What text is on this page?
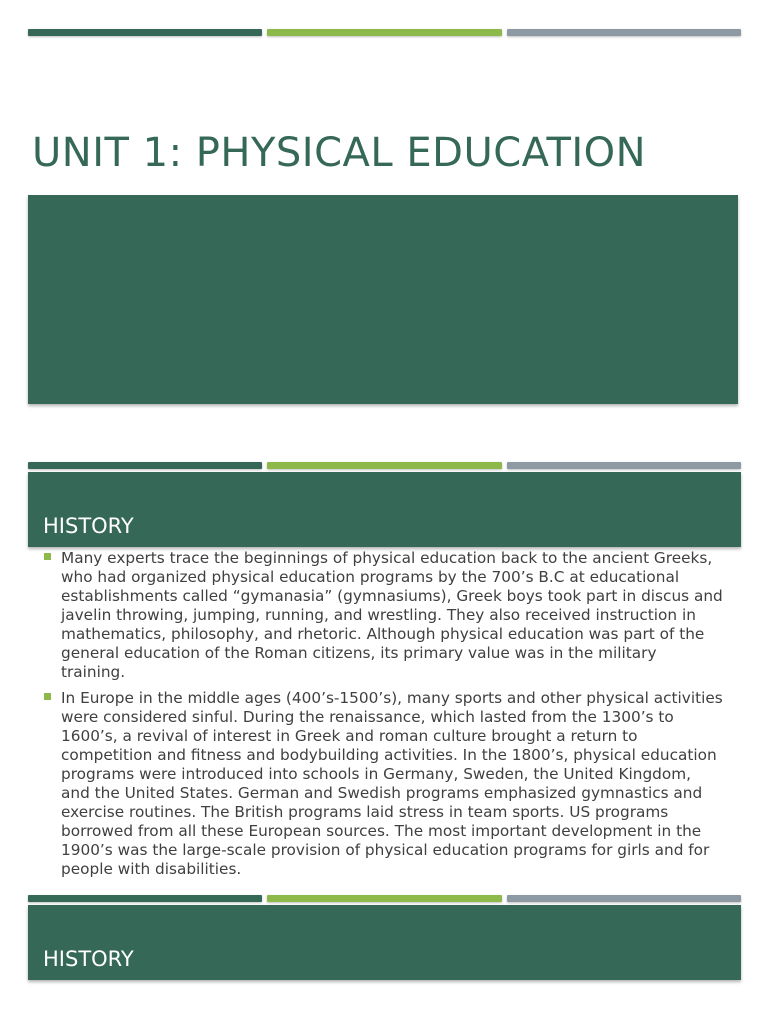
UNIT 1: PHYSICAL EDUCATION
HISTORY
Many experts trace the beginnings of physical education back to the ancient Greeks, who had organized physical education programs by the 700’s B.C at educational establishments called “gymanasia” (gymnasiums), Greek boys took part in discus and javelin throwing, jumping, running, and wrestling. They also received instruction in mathematics, philosophy, and rhetoric. Although physical education was part of the general education of the Roman citizens, its primary value was in the military training.
In Europe in the middle ages (400’s-1500’s), many sports and other physical activities were considered sinful. During the renaissance, which lasted from the 1300’s to 1600’s, a revival of interest in Greek and roman culture brought a return to competition and fitness and bodybuilding activities. In the 1800’s, physical education programs were introduced into schools in Germany, Sweden, the United Kingdom, and the United States. German and Swedish programs emphasized gymnastics and exercise routines. The British programs laid stress in team sports. US programs borrowed from all these European sources. The most important development in the 1900’s was the large-scale provision of physical education programs for girls and for people with disabilities.
HISTORY
